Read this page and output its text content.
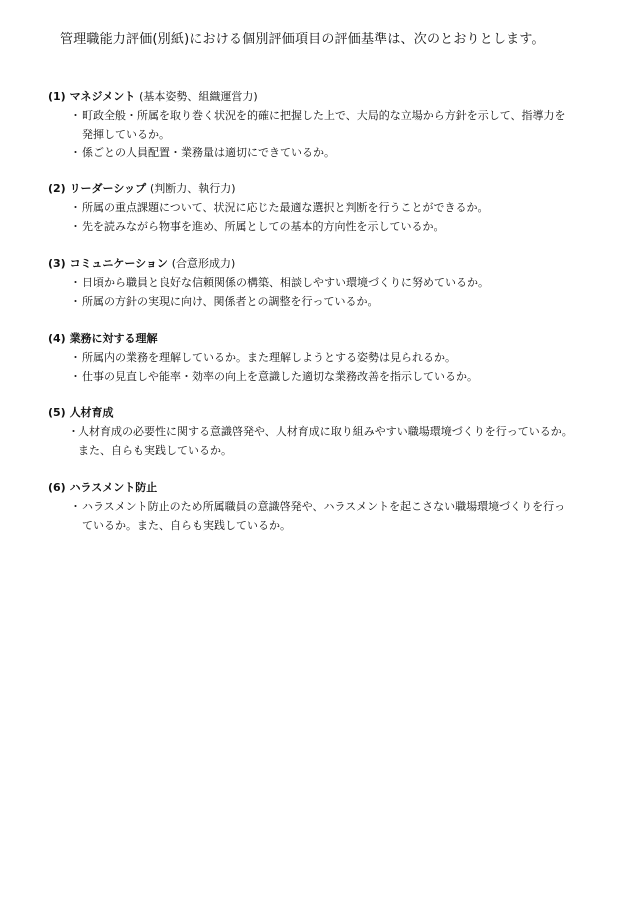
管理職能力評価(別紙)における個別評価項目の評価基準は、次のとおりとします。
(1) マネジメント (基本姿勢、組織運営力)
・ 町政全般・所属を取り巻く状況を的確に把握した上で、大局的な立場から方針を示して、指導力を
発揮しているか。
・ 係ごとの人員配置・業務量は適切にできているか。
(2) リーダーシップ (判断力、執行力)
・ 所属の重点課題について、状況に応じた最適な選択と判断を行うことができるか。
・ 先を読みながら物事を進め、所属としての基本的方向性を示しているか。
(3) コミュニケーション (合意形成力)
・ 日頃から職員と良好な信頼関係の構築、相談しやすい環境づくりに努めているか。
・ 所属の方針の実現に向け、関係者との調整を行っているか。
(4) 業務に対する理解
・ 所属内の業務を理解しているか。また理解しようとする姿勢は見られるか。
・ 仕事の見直しや能率・効率の向上を意識した適切な業務改善を指示しているか。
(5) 人材育成
・ 人材育成の必要性に関する意識啓発や、人材育成に取り組みやすい職場環境づくりを行っているか。
また、自らも実践しているか。
(6) ハラスメント防止
・ ハラスメント防止のため所属職員の意識啓発や、ハラスメントを起こさない職場環境づくりを行っ
ているか。また、自らも実践しているか。
